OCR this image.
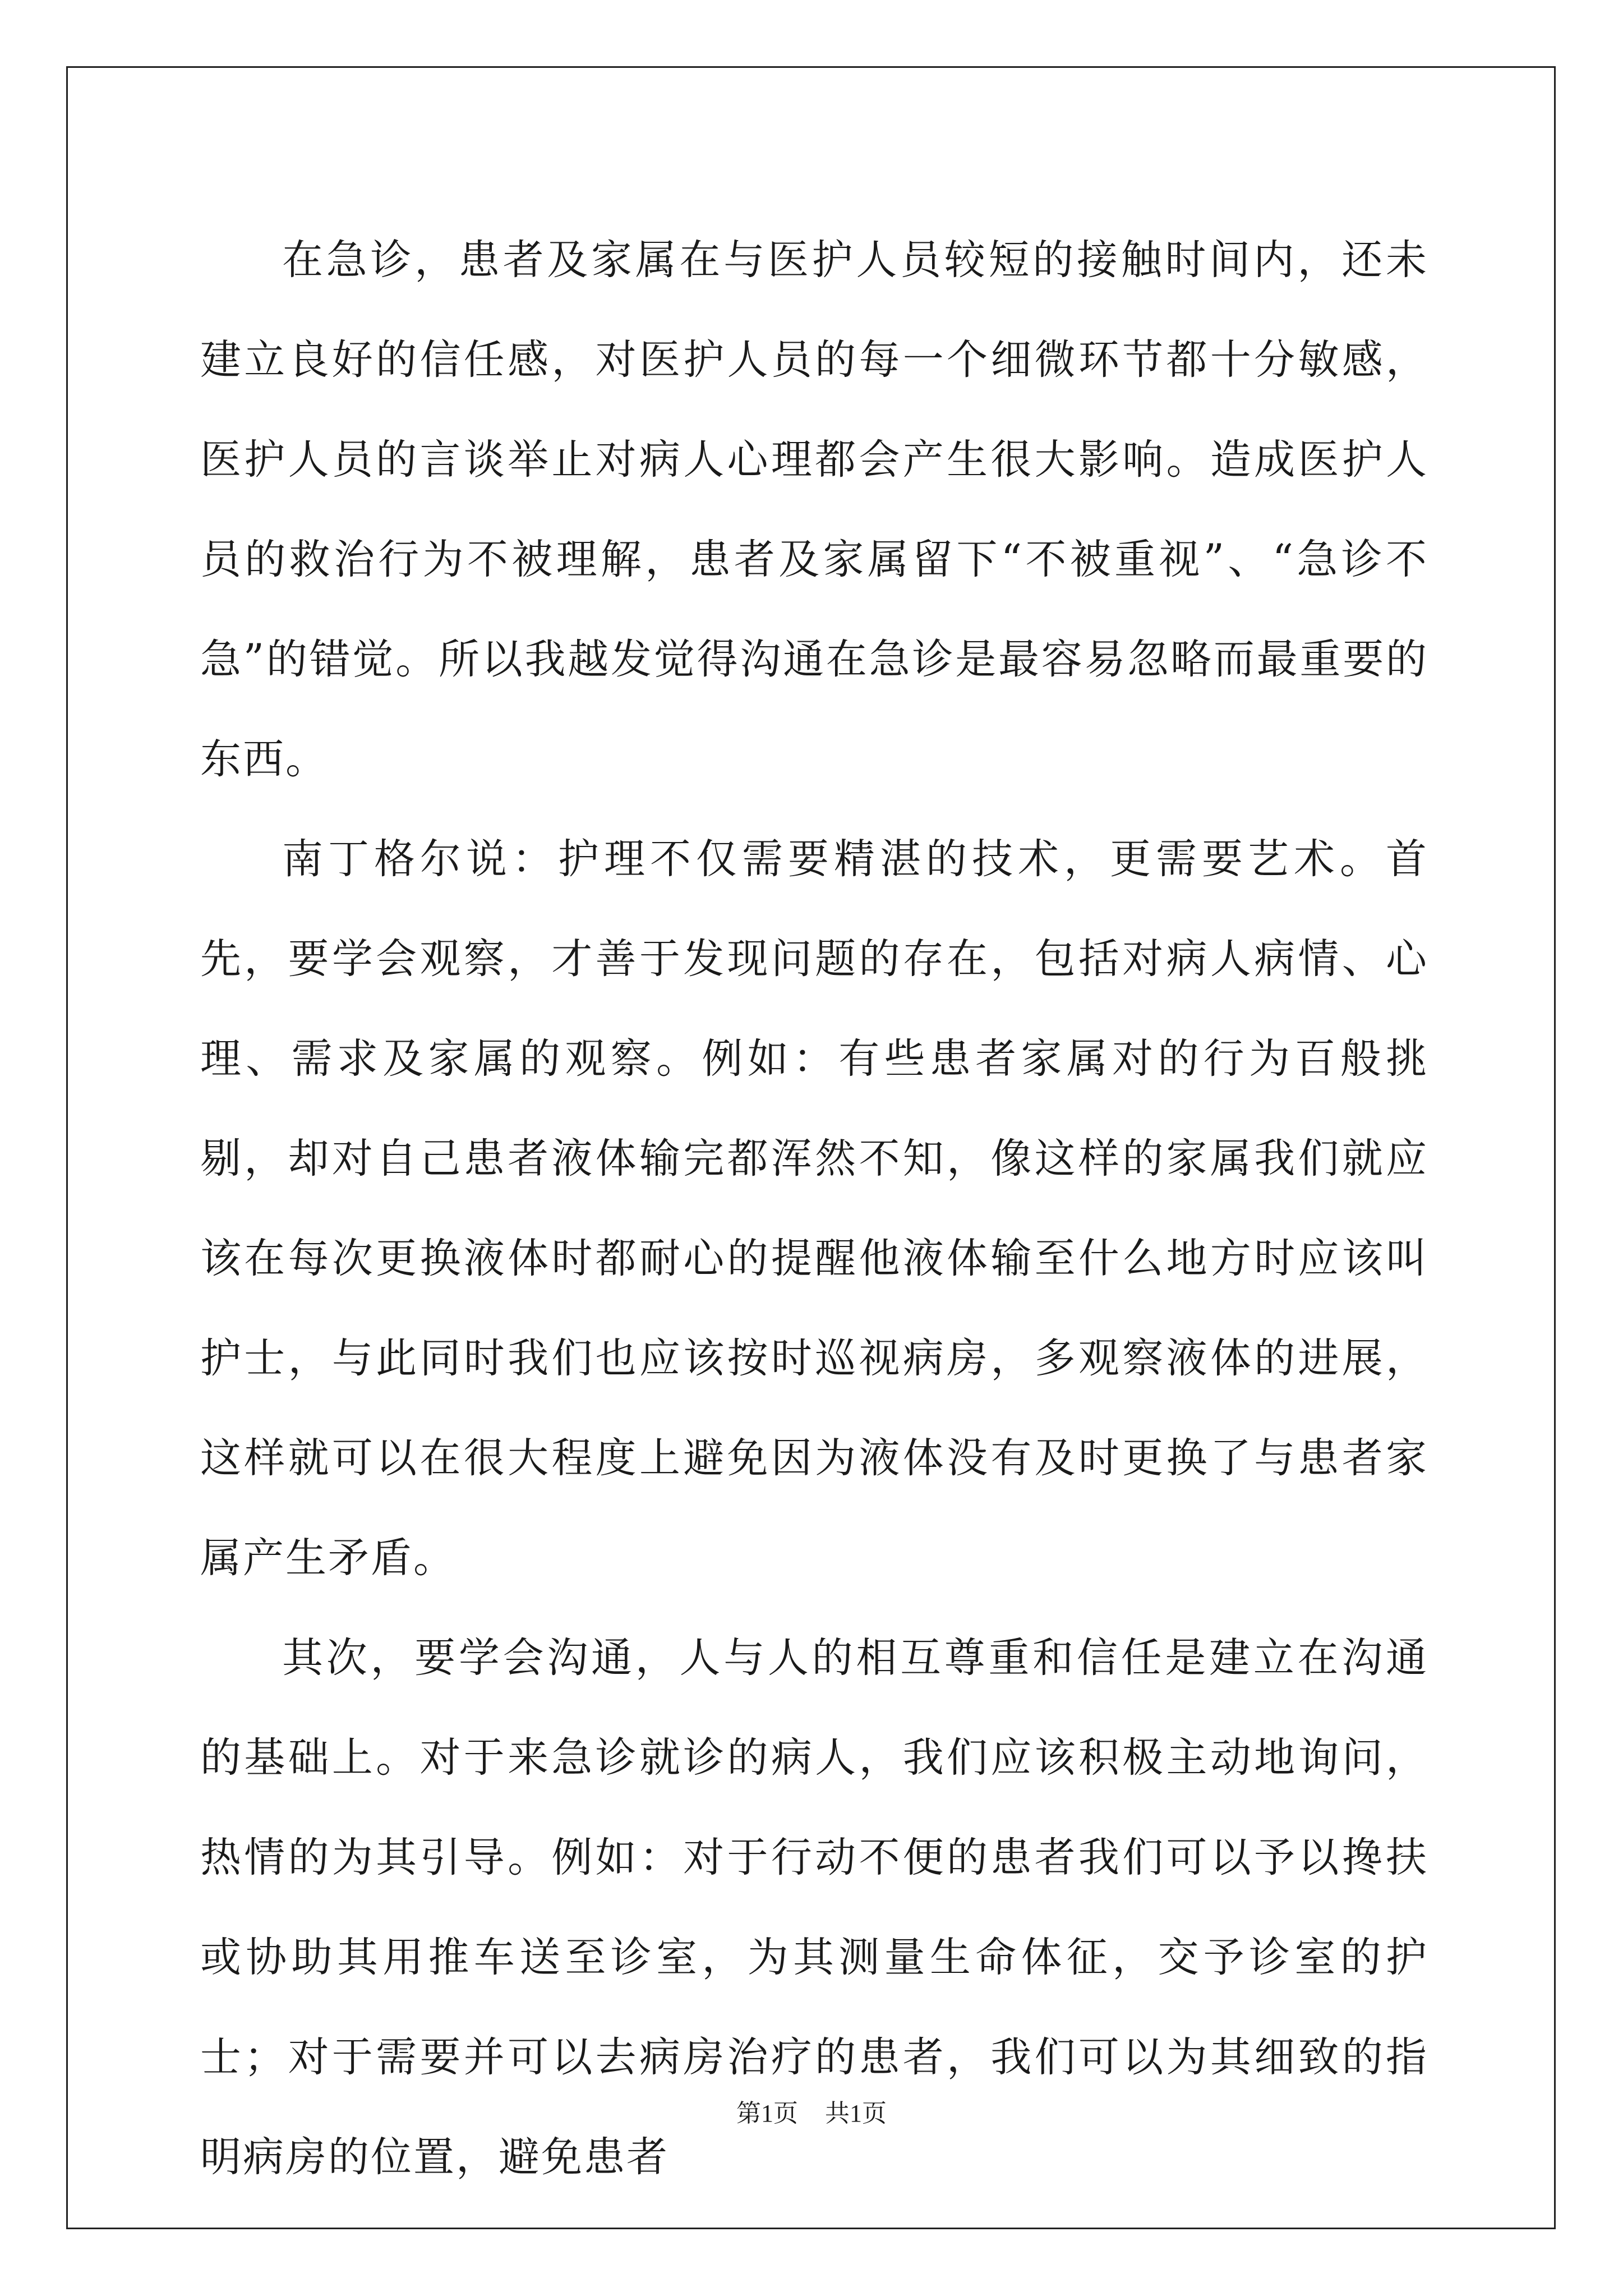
在急诊，患者及家属在与医护人员较短的接触时间内，还未建立良好的信任感，对医护人员的每一个细微环节都十分敏感，医护人员的言谈举止对病人心理都会产生很大影响。造成医护人员的救治行为不被理解，患者及家属留下“不被重视”、“急诊不急”的错觉。所以我越发觉得沟通在急诊是最容易忽略而最重要的东西。

南丁格尔说：护理不仅需要精湛的技术，更需要艺术。首先，要学会观察，才善于发现问题的存在，包括对病人病情、心理、需求及家属的观察。例如：有些患者家属对的行为百般挑剔，却对自己患者液体输完都浑然不知，像这样的家属我们就应该在每次更换液体时都耐心的提醒他液体输至什么地方时应该叫护士，与此同时我们也应该按时巡视病房，多观察液体的进展，这样就可以在很大程度上避免因为液体没有及时更换了与患者家属产生矛盾。

其次，要学会沟通，人与人的相互尊重和信任是建立在沟通的基础上。对于来急诊就诊的病人，我们应该积极主动地询问，热情的为其引导。例如：对于行动不便的患者我们可以予以搀扶或协助其用推车送至诊室，为其测量生命体征，交予诊室的护士；对于需要并可以去病房治疗的患者，我们可以为其细致的指明病房的位置，避免患者

第1页 共1页
